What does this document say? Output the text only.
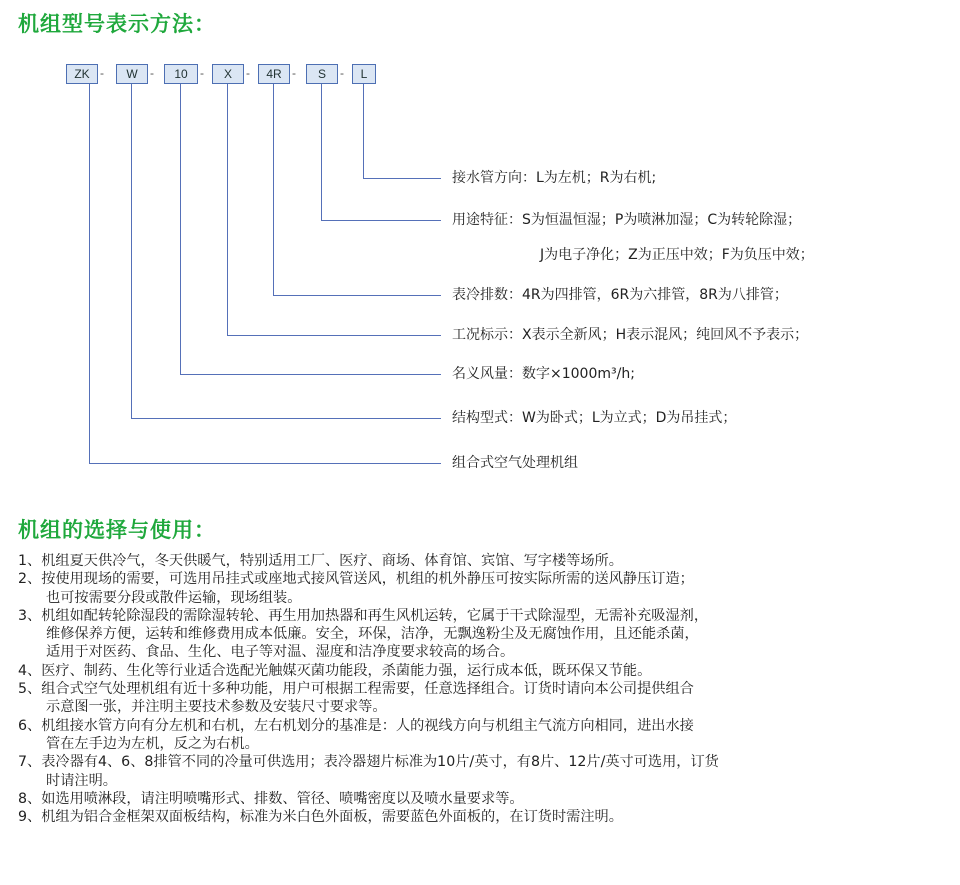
机组型号表示方法：
ZK -	W	-	10	-	X	-	4R -	S	-	L
接水管方向：L为左机；R为右机;
用途特征：S为恒温恒湿；P为喷淋加湿；C为转轮除湿；
J为电子净化；Z为正压中效；F为负压中效；
表冷排数：4R为四排管，6R为六排管，8R为八排管；
工况标示：X表示全新风；H表示混风；纯回风不予表示；
名义风量：数字×1000m³/h;
结构型式：W为卧式；L为立式；D为吊挂式；
组合式空气处理机组
机组的选择与使用：
1、机组夏天供冷气，冬天供暖气，特别适用工厂、医疗、商场、体育馆、宾馆、写字楼等场所。
2、按使用现场的需要，可选用吊挂式或座地式接风管送风，机组的机外静压可按实际所需的送风静压订造；
也可按需要分段或散件运输，现场组装。
3、机组如配转轮除湿段的需除湿转轮、再生用加热器和再生风机运转，它属于干式除湿型，无需补充吸湿剂，
维修保养方便，运转和维修费用成本低廉。安全，环保，洁净，无飘逸粉尘及无腐蚀作用，且还能杀菌，
适用于对医药、食品、生化、电子等对温、湿度和洁净度要求较高的场合。
4、医疗、制药、生化等行业适合选配光触媒灭菌功能段，杀菌能力强，运行成本低，既环保又节能。
5、组合式空气处理机组有近十多种功能，用户可根据工程需要，任意选择组合。订货时请向本公司提供组合
示意图一张，并注明主要技术参数及安装尺寸要求等。
6、机组接水管方向有分左机和右机，左右机划分的基准是：人的视线方向与机组主气流方向相同，进出水接
管在左手边为左机，反之为右机。
7、表冷器有4、6、8排管不同的冷量可供选用；表冷器翅片标准为10片/英寸，有8片、12片/英寸可选用，订货
时请注明。
8、如选用喷淋段，请注明喷嘴形式、排数、管径、喷嘴密度以及喷水量要求等。
9、机组为铝合金框架双面板结构，标准为米白色外面板，需要蓝色外面板的，在订货时需注明。
